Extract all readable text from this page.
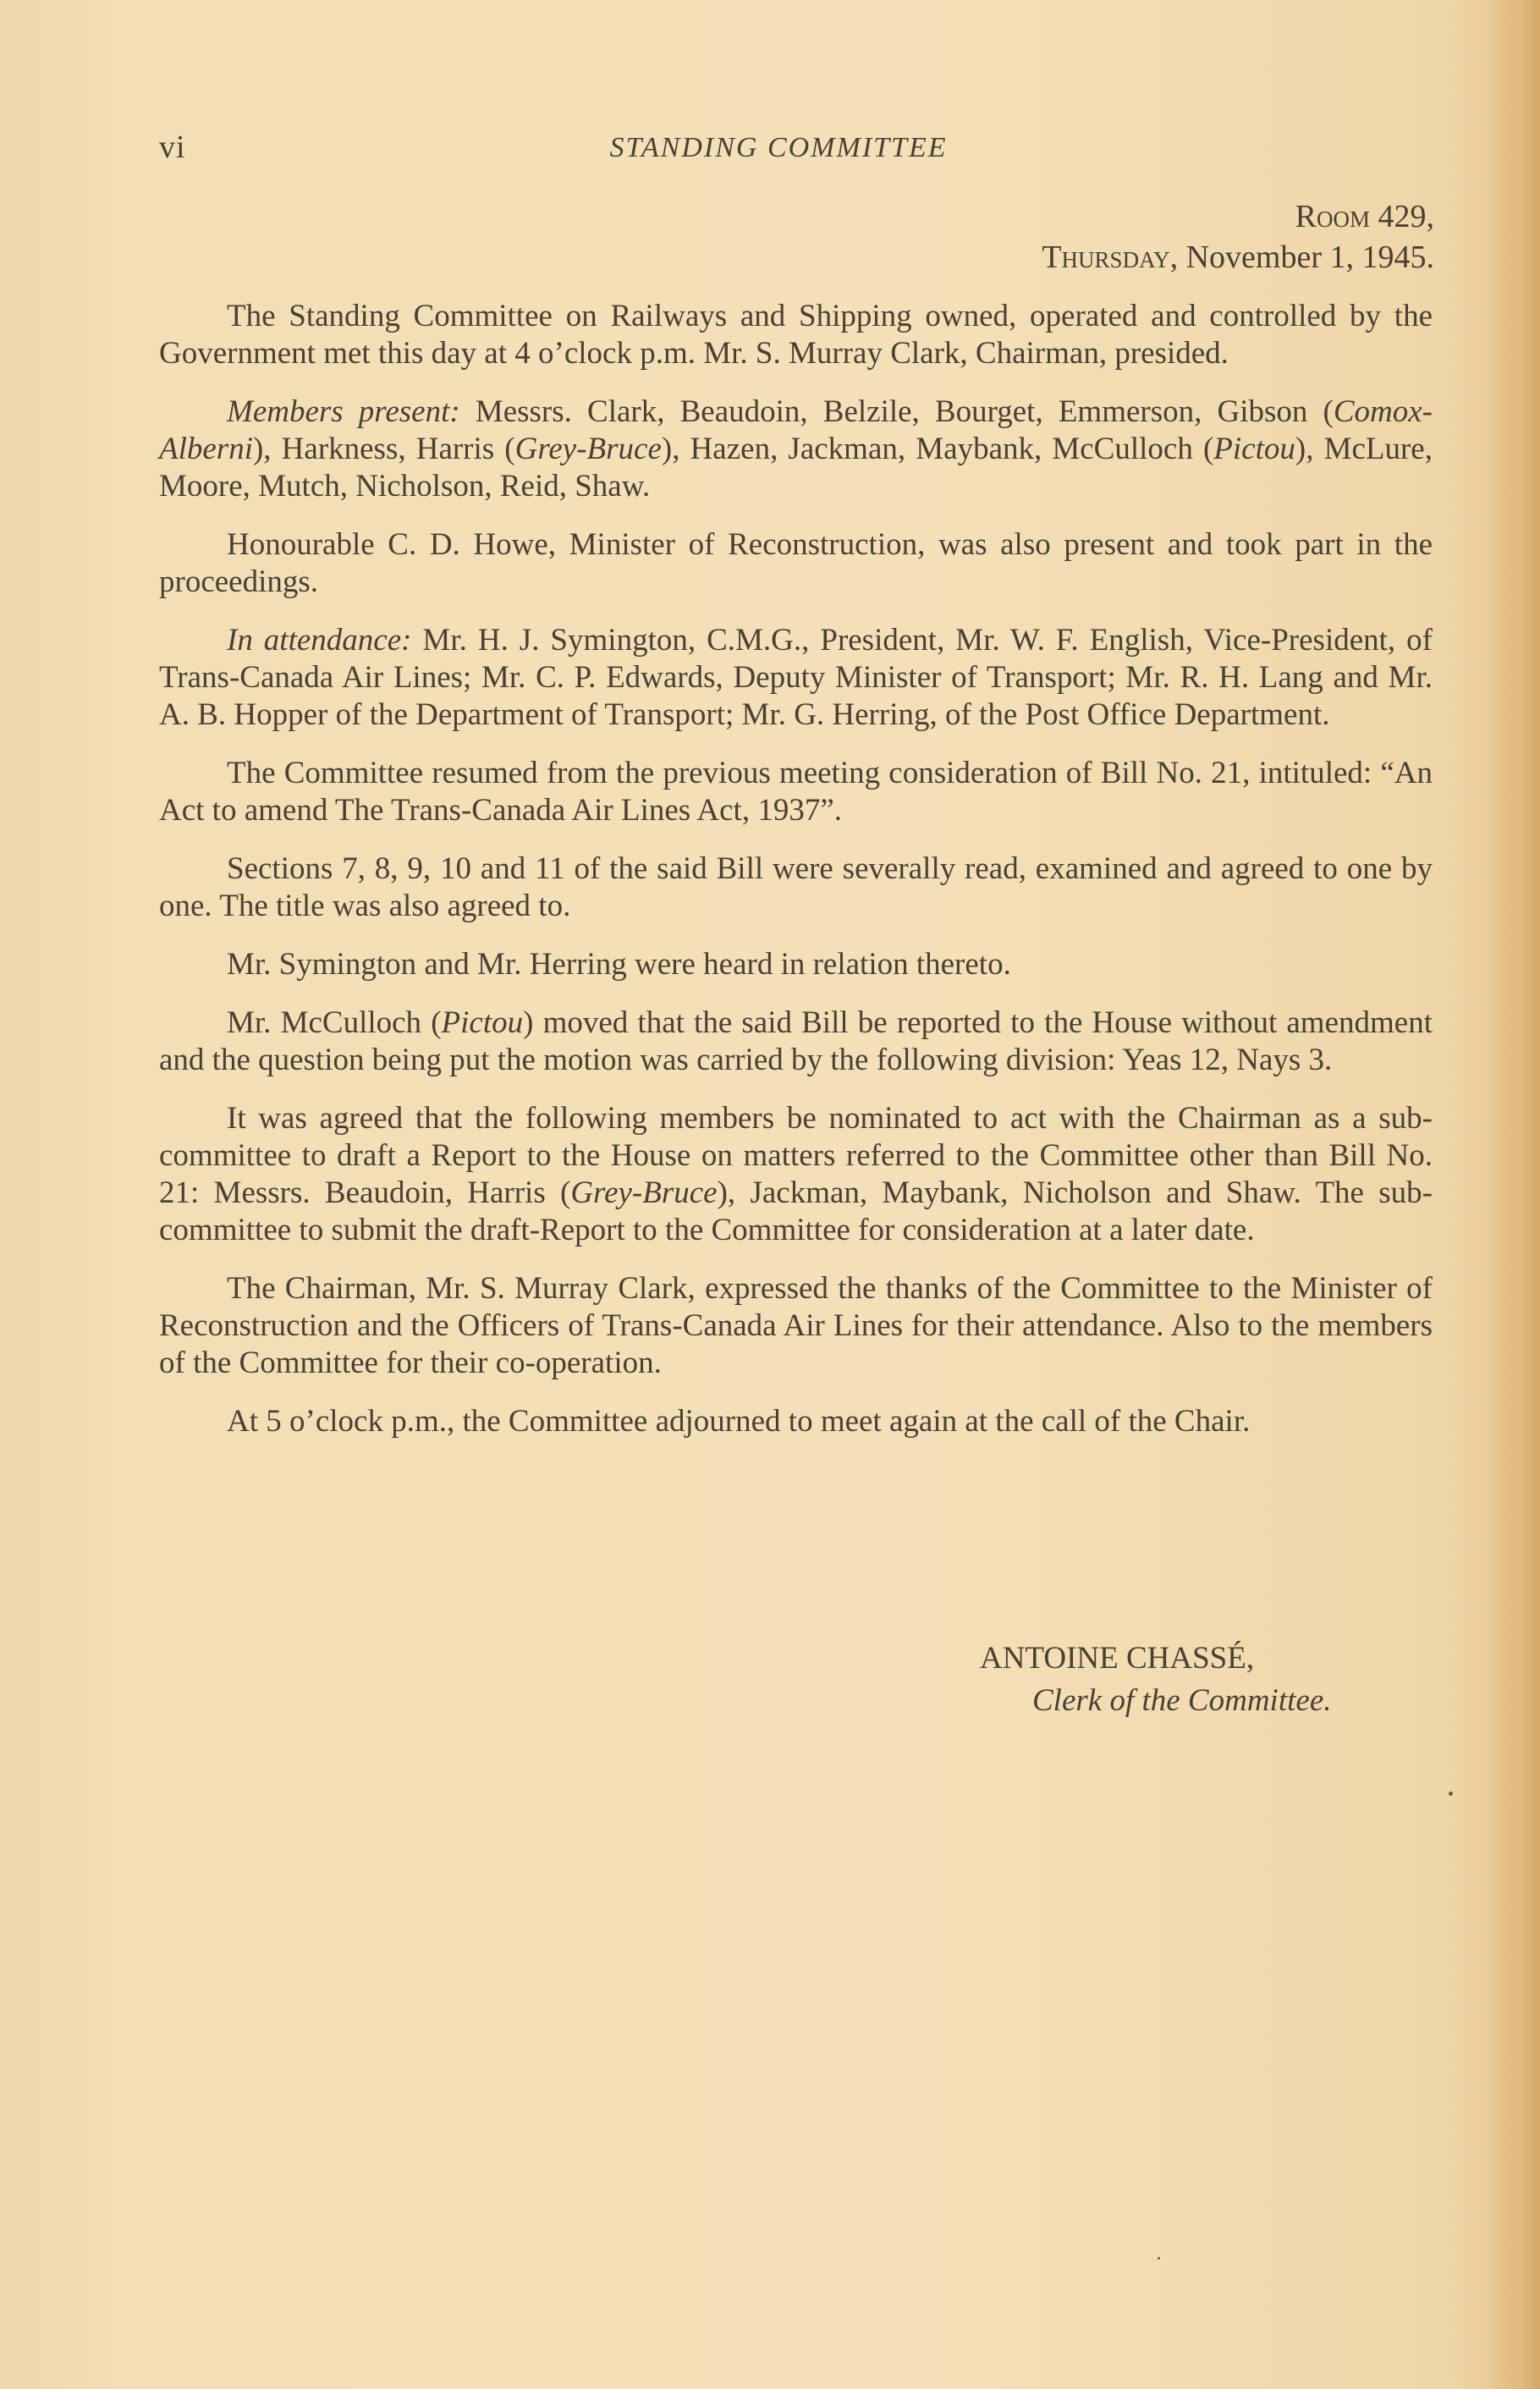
vi	STANDING COMMITTEE
Room 429,
Thursday, November 1, 1945.

The Standing Committee on Railways and Shipping owned, operated and controlled by the Government met this day at 4 o’clock p.m. Mr. S. Murray Clark, Chairman, presided.

Members present: Messrs. Clark, Beaudoin, Belzile, Bourget, Emmerson, Gibson (Comox-Alberni), Harkness, Harris (Grey-Bruce), Hazen, Jackman, Maybank, McCulloch (Pictou), McLure, Moore, Mutch, Nicholson, Reid, Shaw.

Honourable C. D. Howe, Minister of Reconstruction, was also present and took part in the proceedings.

In attendance: Mr. H. J. Symington, C.M.G., President, Mr. W. F. English, Vice-President, of Trans-Canada Air Lines; Mr. C. P. Edwards, Deputy Minister of Transport; Mr. R. H. Lang and Mr. A. B. Hopper of the Department of Transport; Mr. G. Herring, of the Post Office Department.

The Committee resumed from the previous meeting consideration of Bill No. 21, intituled: “An Act to amend The Trans-Canada Air Lines Act, 1937”.

Sections 7, 8, 9, 10 and 11 of the said Bill were severally read, examined and agreed to one by one. The title was also agreed to.

Mr. Symington and Mr. Herring were heard in relation thereto.

Mr. McCulloch (Pictou) moved that the said Bill be reported to the House without amendment and the question being put the motion was carried by the following division: Yeas 12, Nays 3.

It was agreed that the following members be nominated to act with the Chairman as a sub-committee to draft a Report to the House on matters referred to the Committee other than Bill No. 21: Messrs. Beaudoin, Harris (Grey-Bruce), Jackman, Maybank, Nicholson and Shaw. The sub-committee to submit the draft-Report to the Committee for consideration at a later date.

The Chairman, Mr. S. Murray Clark, expressed the thanks of the Committee to the Minister of Reconstruction and the Officers of Trans-Canada Air Lines for their attendance. Also to the members of the Committee for their co-operation.

At 5 o’clock p.m., the Committee adjourned to meet again at the call of the Chair.

ANTOINE CHASSÉ,
Clerk of the Committee.
